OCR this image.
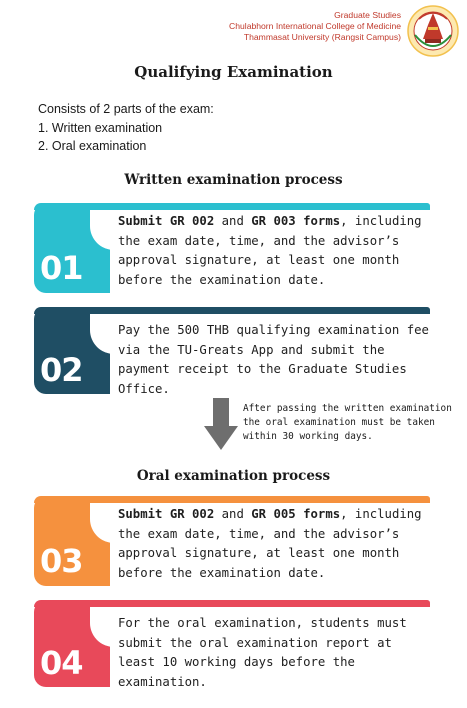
Graduate Studies
Chulabhorn International College of Medicine
Thammasat University (Rangsit Campus)
Qualifying Examination
Consists of 2 parts of the exam:
1. Written examination
2. Oral examination
Written examination process
01
Submit GR 002 and GR 003 forms, including the exam date, time, and the advisor’s approval signature, at least one month before the examination date.
02
Pay the 500 THB qualifying examination fee via the TU-Greats App and submit the payment receipt to the Graduate Studies Office.
After passing the written examination
the oral examination must be taken
within 30 working days.
Oral examination process
03
Submit GR 002 and GR 005 forms, including the exam date, time, and the advisor’s approval signature, at least one month before the examination date.
04
For the oral examination, students must submit the oral examination report at least 10 working days before the examination.
